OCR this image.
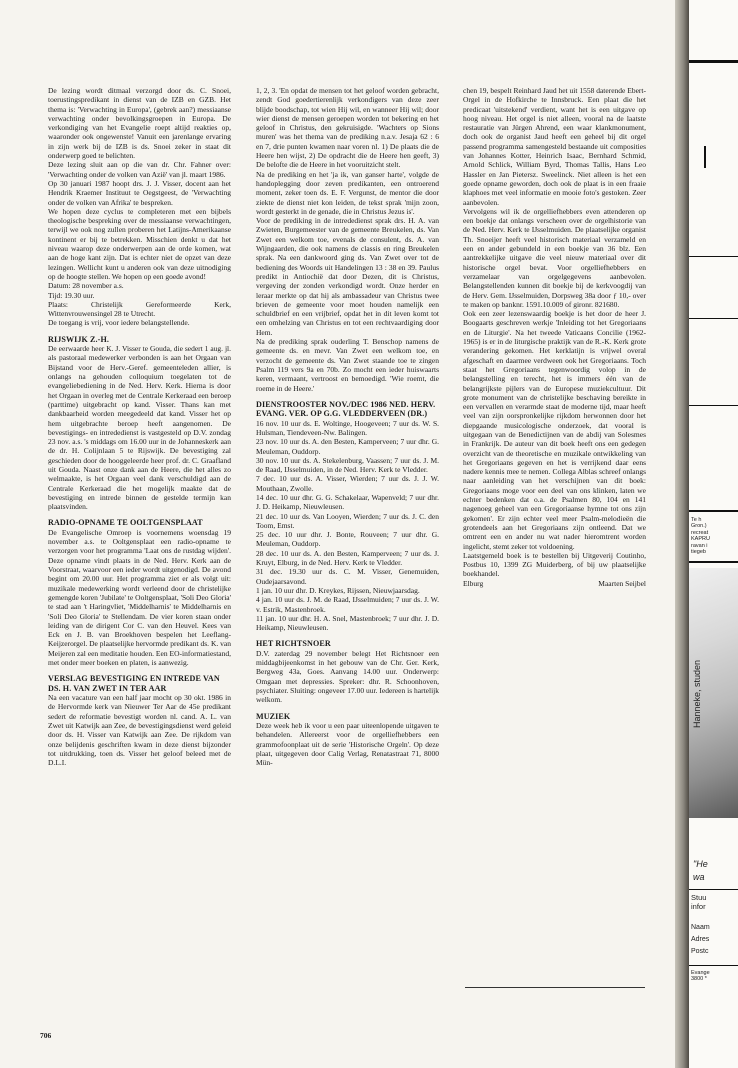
De lezing wordt ditmaal verzorgd door ds. C. Snoei, toerustingspredikant in dienst van de IZB en GZB. Het thema is: 'Verwachting in Europa', (gebrek aan?) messiaanse verwachting onder bevolkingsgroepen in Europa. De verkondiging van het Evangelie roept altijd reakties op, waaronder ook ongewenste! Vanuit een jarenlange ervaring in zijn werk bij de IZB is ds. Snoei zeker in staat dit onderwerp goed te belichten.

Deze lezing sluit aan op die van dr. Chr. Fahner over: 'Verwachting onder de volken van Azië' van jl. maart 1986.

Op 30 januari 1987 hoopt drs. J. J. Visser, docent aan het Hendrik Kraemer Instituut te Oegstgeest, de 'Verwachting onder de volken van Afrika' te bespreken.

We hopen deze cyclus te completeren met een bijbels theologische bespreking over de messiaanse verwachtingen, terwijl we ook nog zullen proberen het Latijns-Amerikaanse kontinent er bij te betrekken. Misschien denkt u dat het niveau waarop deze onderwerpen aan de orde komen, wat aan de hoge kant zijn. Dat is echter niet de opzet van deze lezingen. Wellicht kunt u anderen ook van deze uitnodiging op de hoogte stellen. We hopen op een goede avond!

Datum: 28 november a.s.

Tijd: 19.30 uur.

Plaats: Christelijk Gereformeerde Kerk, Wittenvrouwensingel 28 te Utrecht.

De toegang is vrij, voor iedere belangstellende.

RIJSWIJK Z.-H.

De eerwaarde heer K. J. Visser te Gouda, die sedert 1 aug. jl. als pastoraal medewerker verbonden is aan het Orgaan van Bijstand voor de Herv.-Geref. gemeenteleden allier, is onlangs na gehouden colloquium toegelaten tot de evangeliebediening in de Ned. Herv. Kerk. Hierna is door het Orgaan in overleg met de Centrale Kerkeraad een beroep (parttime) uitgebracht op kand. Visser. Thans kan met dankbaarheid worden meegedeeld dat kand. Visser het op hem uitgebrachte beroep heeft aangenomen. De bevestigings- en intrededienst is vastgesteld op D.V. zondag 23 nov. a.s. 's middags om 16.00 uur in de Johanneskerk aan de dr. H. Colijnlaan 5 te Rijswijk. De bevestiging zal geschieden door de hooggeleerde heer prof. dr. C. Graafland uit Gouda. Naast onze dank aan de Heere, die het alles zo welmaakte, is het Orgaan veel dank verschuldigd aan de Centrale Kerkeraad die het mogelijk maakte dat de bevestiging en intrede binnen de gestelde termijn kan plaatsvinden.

RADIO-OPNAME TE OOLTGENSPLAAT

De Evangelische Omroep is voornemens woensdag 19 november a.s. te Ooltgensplaat een radio-opname te verzorgen voor het programma 'Laat ons de rustdag wijden'. Deze opname vindt plaats in de Ned. Herv. Kerk aan de Voorstraat, waarvoor een ieder wordt uitgenodigd. De avond begint om 20.00 uur. Het programma ziet er als volgt uit: muzikale medewerking wordt verleend door de christelijke gemengde koren 'Jubilate' te Ooltgensplaat, 'Soli Deo Gloria' te stad aan 't Haringvliet, 'Middelharnis' te Middelharnis en 'Soli Deo Gloria' te Stellendam. De vier koren staan onder leiding van de dirigent Cor C. van den Heuvel. Kees van Eck en J. B. van Broekhoven bespelen het Leeflang-Keijzerorgel. De plaatselijke hervormde predikant ds. K. van Meijeren zal een meditatie houden. Een EO-informatiestand, met onder meer boeken en platen, is aanwezig.

VERSLAG BEVESTIGING EN INTREDE VAN DS. H. VAN ZWET IN TER AAR

Na een vacature van een half jaar mocht op 30 okt. 1986 in de Hervormde kerk van Nieuwer Ter Aar de 45e predikant sedert de reformatie bevestigt worden nl. cand. A. L. van Zwet uit Katwijk aan Zee, de bevestigingsdienst werd geleid door ds. H. Visser van Katwijk aan Zee. De rijkdom van onze belijdenis geschriften kwam in deze dienst bijzonder tot uitdrukking, toen ds. Visser het geloof beleed met de D.L.I.

1, 2, 3. 'En opdat de mensen tot het geloof worden gebracht, zendt God goedertierenlijk verkondigers van deze zeer blijde boodschap, tot wien Hij wil, en wanneer Hij wil; door wier dienst de mensen geroepen worden tot bekering en het geloof in Christus, den gekruisigde. 'Wachters op Sions muren' was het thema van de prediking n.a.v. Jesaja 62 : 6 en 7, drie punten kwamen naar voren nl. 1) De plaats die de Heere hen wijst, 2) De opdracht die de Heere hen geeft, 3) De belofte die de Heere in het vooruitzicht stelt.

Na de prediking en het 'ja ik, van ganser harte', volgde de handoplegging door zeven predikanten, een ontroerend moment, zeker toen ds. E. F. Vergunst, de mentor die door ziekte de dienst niet kon leiden, de tekst sprak 'mijn zoon, wordt gesterkt in de genade, die in Christus Jezus is'.

Voor de prediking in de intrededienst sprak drs. H. A. van Zwieten, Burgemeester van de gemeente Breukelen, ds. Van Zwet een welkom toe, evenals de consulent, ds. A. van Wijngaarden, die ook namens de classis en ring Breukelen sprak. Na een dankwoord ging ds. Van Zwet over tot de bediening des Woords uit Handelingen 13 : 38 en 39. Paulus predikt in Antiochië dat door Dezen, dit is Christus, vergeving der zonden verkondigd wordt. Onze herder en leraar merkte op dat hij als ambassadeur van Christus twee brieven de gemeente voor moet houden namelijk een schuldbrief en een vrijbrief, opdat het in dit leven komt tot een omhelzing van Christus en tot een rechtvaardiging door Hem.

Na de prediking sprak ouderling T. Benschop namens de gemeente ds. en mevr. Van Zwet een welkom toe, en verzocht de gemeente ds. Van Zwet staande toe te zingen Psalm 119 vers 9a en 70b. Zo mocht een ieder huiswaarts keren, vermaant, vertroost en bemoedigd. 'Wie roemt, die roeme in de Heere.'

DIENSTROOSTER NOV./DEC 1986 NED. HERV. EVANG. VER. OP G.G. VLEDDERVEEN (DR.)

16 nov. 10 uur ds. E. Woltinge, Hoogeveen; 7 uur ds. W. S. Hulsman, Tiendeveen-Nw. Balingen.

23 nov. 10 uur ds. A. den Besten, Kamperveen; 7 uur dhr. G. Meuleman, Ouddorp.

30 nov. 10 uur ds. A. Stekelenburg, Vaassen; 7 uur ds. J. M. de Raad, IJsselmuiden, in de Ned. Herv. Kerk te Vledder.

7 dec. 10 uur ds. A. Visser, Wierden; 7 uur ds. J. J. W. Mouthaan, Zwolle.

14 dec. 10 uur dhr. G. G. Schakelaar, Wapenveld; 7 uur dhr. J. D. Heikamp, Nieuwleusen.

21 dec. 10 uur ds. Van Looyen, Wierden; 7 uur ds. J. C. den Toom, Emst.

25 dec. 10 uur dhr. J. Bonte, Rouveen; 7 uur dhr. G. Meuleman, Ouddorp.

28 dec. 10 uur ds. A. den Besten, Kamperveen; 7 uur ds. J. Kruyt, Elburg, in de Ned. Herv. Kerk te Vledder.

31 dec. 19.30 uur ds. C. M. Visser, Genemuiden, Oudejaarsavond.

1 jan. 10 uur dhr. D. Kreykes, Rijssen, Nieuwjaarsdag.

4 jan. 10 uur ds. J. M. de Raad, IJsselmuiden; 7 uur ds. J. W. v. Estrik, Mastenbroek.

11 jan. 10 uur dhr. H. A. Snel, Mastenbroek; 7 uur dhr. J. D. Heikamp, Nieuwleusen.

HET RICHTSNOER

D.V. zaterdag 29 november belegt Het Richtsnoer een middagbijeenkomst in het gebouw van de Chr. Ger. Kerk, Bergweg 43a, Goes. Aanvang 14.00 uur. Onderwerp: Omgaan met depressies. Spreker: dhr. R. Schoonhoven, psychiater. Sluiting: ongeveer 17.00 uur. Iedereen is hartelijk welkom.

MUZIEK

Deze week heb ik voor u een paar uiteenlopende uitgaven te behandelen. Allereerst voor de orgelliefhebbers een grammofoonplaat uit de serie 'Historische Orgeln'. Op deze plaat, uitgegeven door Calig Verlag, Renatastraat 71, 8000 Mün-

chen 19, bespelt Reinhard Jaud het uit 1558 daterende Ebert-Orgel in de Hofkirche te Innsbruck. Een plaat die het predicaat 'uitstekend' verdient, want het is een uitgave op hoog niveau. Het orgel is niet alleen, vooral na de laatste restauratie van Jürgen Ahrend, een waar klankmonument, doch ook de organist Jaud heeft een geheel bij dit orgel passend programma samengesteld bestaande uit composities van Johannes Kotter, Heinrich Isaac, Bernhard Schmid, Arnold Schlick, William Byrd, Thomas Tallis, Hans Leo Hassler en Jan Pietersz. Sweelinck. Niet alleen is het een goede opname geworden, doch ook de plaat is in een fraaie klaphoes met veel informatie en mooie foto's gestoken. Zeer aanbevolen.

Vervolgens wil ik de orgelliefhebbers even attenderen op een boekje dat onlangs verscheen over de orgelhistorie van de Ned. Herv. Kerk te IJsselmuiden. De plaatselijke organist Th. Snoeijer heeft veel historisch materiaal verzameld en een en ander gebundeld in een boekje van 36 blz. Een aantrekkelijke uitgave die veel nieuw materiaal over dit historische orgel bevat. Voor orgelliefhebbers en verzamelaar van orgelgegevens aanbevolen. Belangstellenden kunnen dit boekje bij de kerkvoogdij van de Herv. Gem. IJsselmuiden, Dorpsweg 38a door ƒ 10,- over te maken op banknr. 1591.10.009 of gironr. 821680.

Ook een zeer lezenswaardig boekje is het door de heer J. Boogaarts geschreven werkje 'Inleiding tot het Gregoriaans en de Liturgie'. Na het tweede Vaticaans Concilie (1962-1965) is er in de liturgische praktijk van de R.-K. Kerk grote verandering gekomen. Het kerklatijn is vrijwel overal afgeschaft en daarmee verdween ook het Gregoriaans. Toch staat het Gregoriaans tegenwoordig volop in de belangstelling en terecht, het is immers één van de belangrijkste pijlers van de Europese muziekcultuur. Dit grote monument van de christelijke beschaving bereikte in een vervallen en verarmde staat de moderne tijd, maar heeft veel van zijn oorspronkelijke rijkdom herwonnen door het diepgaande musicologische onderzoek, dat vooral is uitgegaan van de Benedictijnen van de abdij van Solesmes in Frankrijk. De auteur van dit boek heeft ons een gedegen overzicht van de theoretische en muzikale ontwikkeling van het Gregoriaans gegeven en het is verrijkend daar eens nadere kennis mee te nemen. Collega Alblas schreef onlangs naar aanleiding van het verschijnen van dit boek: Gregoriaans moge voor een deel van ons klinken, laten we echter bedenken dat o.a. de Psalmen 80, 104 en 141 nagenoeg geheel van een Gregoriaanse hymne tot ons zijn gekomen'. Er zijn echter veel meer Psalm-melodieën die grotendeels aan het Gregoriaans zijn ontleend. Dat we omtrent een en ander nu wat nader hieromtrent worden ingelicht, stemt zeker tot voldoening.

Laatstgemeld boek is te bestellen bij Uitgeverij Coutinho, Postbus 10, 1399 ZG Muiderberg, of bij uw plaatselijke boekhandel.

Elburg	Maarten Seijbel

706
Te h
Gron.)
recreat
KAPRU
ravan i
tiegeb
Hanneke, studen
"He
wa
Stuu
infor
Naam
Adres
Postc
Evange
3800 *
